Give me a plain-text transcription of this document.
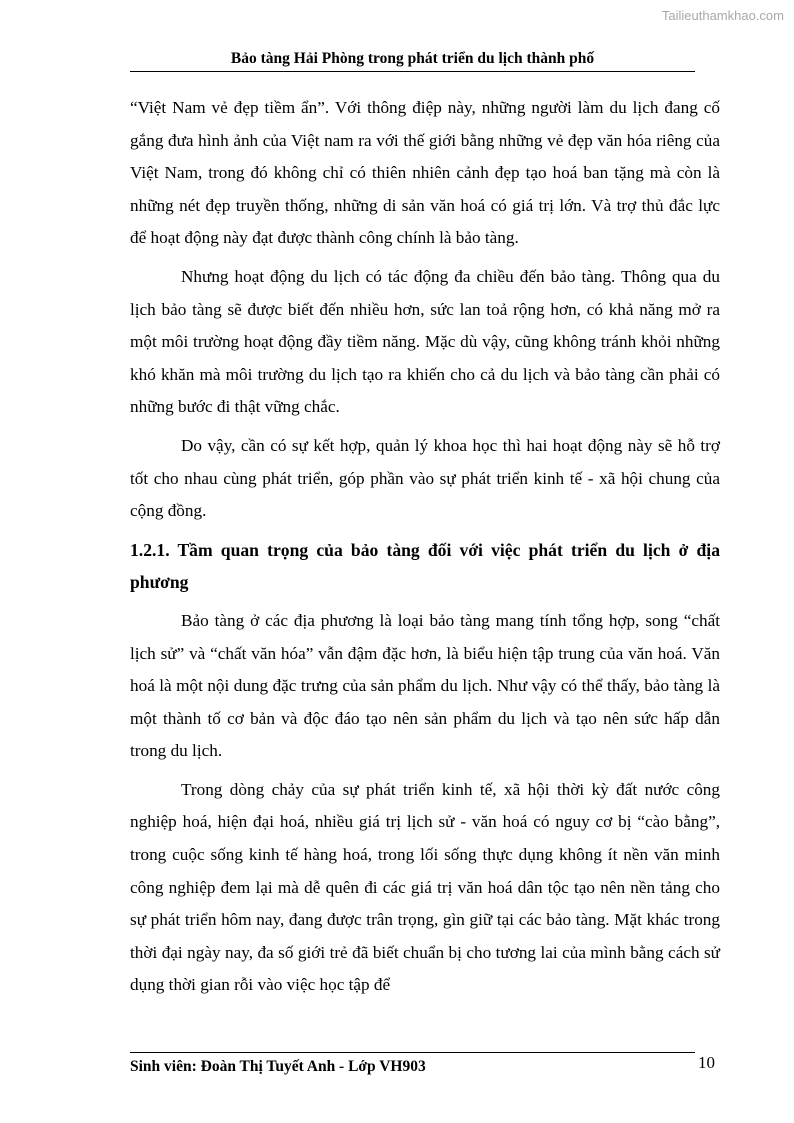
Tailieuthamkhao.com
Bảo tàng Hải Phòng trong phát triển du lịch thành phố

“Việt Nam vẻ đẹp tiềm ẩn”. Với thông điệp này, những người làm du lịch đang cố gắng đưa hình ảnh của Việt nam ra với thế giới bằng những vẻ đẹp văn hóa riêng của Việt Nam, trong đó không chỉ có thiên nhiên cảnh đẹp tạo hoá ban tặng mà còn là những nét đẹp truyền thống, những di sản văn hoá có giá trị lớn. Và trợ thủ đắc lực để hoạt động này đạt được thành công chính là bảo tàng.

Nhưng hoạt động du lịch có tác động đa chiều đến bảo tàng. Thông qua du lịch bảo tàng sẽ được biết đến nhiều hơn, sức lan toả rộng hơn, có khả năng mở ra một môi trường hoạt động đầy tiềm năng. Mặc dù vậy, cũng không tránh khỏi những khó khăn mà môi trường du lịch tạo ra khiến cho cả du lịch và bảo tàng cần phải có những bước đi thật vững chắc.

Do vậy, cần có sự kết hợp, quản lý khoa học thì hai hoạt động này sẽ hỗ trợ tốt cho nhau cùng phát triển, góp phần vào sự phát triển kinh tế - xã hội chung của cộng đồng.

1.2.1. Tầm quan trọng của bảo tàng đối với việc phát triển du lịch ở địa phương

Bảo tàng ở các địa phương là loại bảo tàng mang tính tổng hợp, song “chất lịch sử” và “chất văn hóa” vẫn đậm đặc hơn, là biểu hiện tập trung của văn hoá. Văn hoá là một nội dung đặc trưng của sản phẩm du lịch. Như vậy có thể thấy, bảo tàng là một thành tố cơ bản và độc đáo tạo nên sản phẩm du lịch và tạo nên sức hấp dẫn trong du lịch.

Trong dòng chảy của sự phát triển kinh tế, xã hội thời kỳ đất nước công nghiệp hoá, hiện đại hoá, nhiều giá trị lịch sử - văn hoá có nguy cơ bị “cào bằng”, trong cuộc sống kinh tế hàng hoá, trong lối sống thực dụng không ít nền văn minh công nghiệp đem lại mà dễ quên đi các giá trị văn hoá dân tộc tạo nên nền tảng cho sự phát triển hôm nay, đang được trân trọng, gìn giữ tại các bảo tàng. Mặt khác trong thời đại ngày nay, đa số giới trẻ đã biết chuẩn bị cho tương lai của mình bằng cách sử dụng thời gian rỗi vào việc học tập để

Sinh viên: Đoàn Thị Tuyết Anh - Lớp VH903	10
